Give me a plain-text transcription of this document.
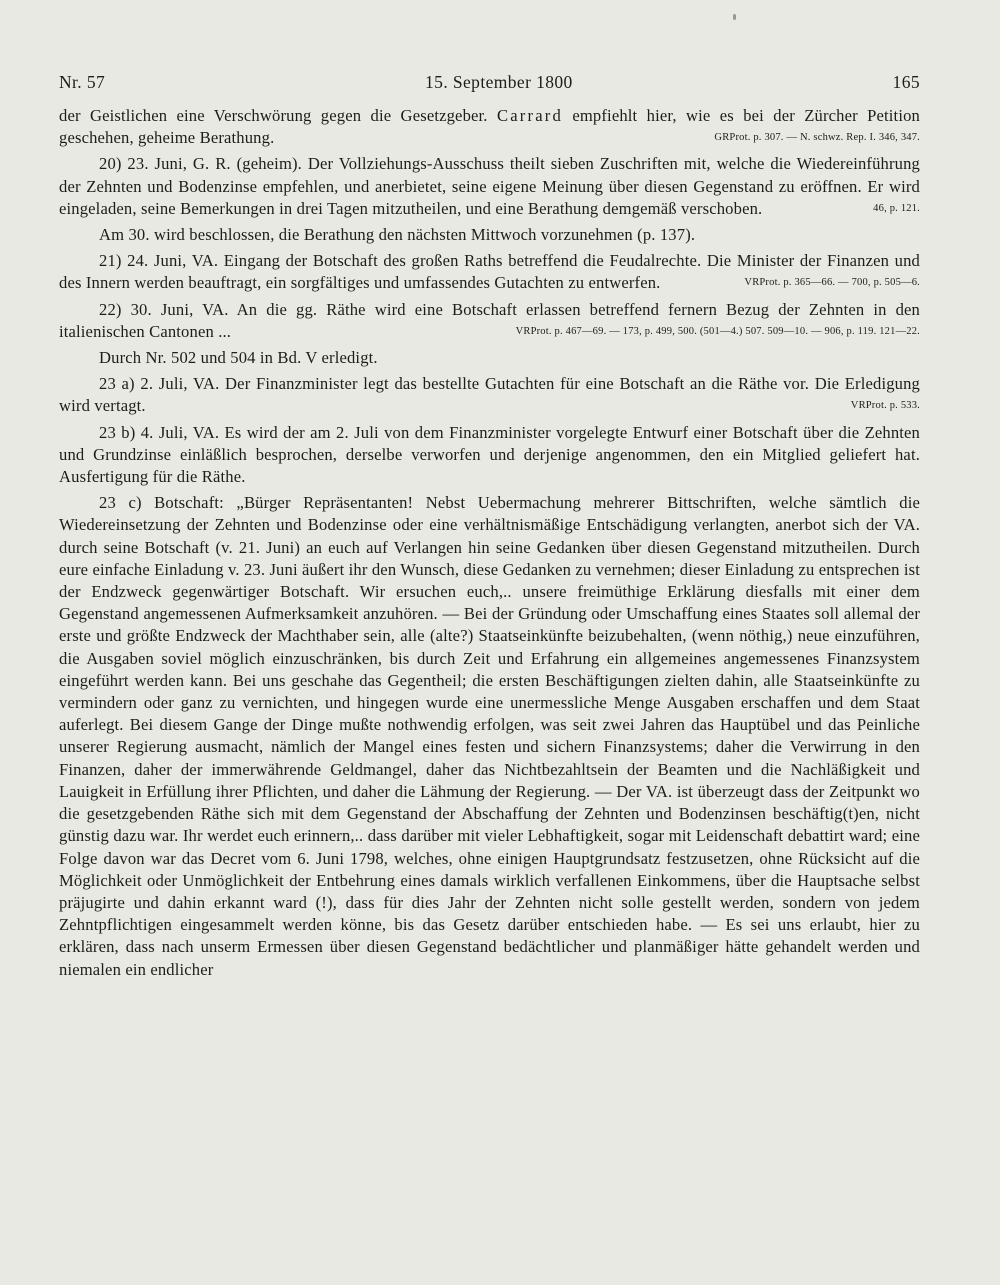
Nr. 57	15. September 1800	165

der Geistlichen eine Verschwörung gegen die Gesetzgeber. Carrard empfiehlt hier, wie es bei der Zürcher Petition geschehen, geheime Berathung.	GRProt. p. 307. — N. schwz. Rep. I. 346, 347.

20) 23. Juni, G. R. (geheim). Der Vollziehungs-Ausschuss theilt sieben Zuschriften mit, welche die Wiedereinführung der Zehnten und Bodenzinse empfehlen, und anerbietet, seine eigene Meinung über diesen Gegenstand zu eröffnen. Er wird eingeladen, seine Bemerkungen in drei Tagen mitzutheilen, und eine Berathung demgemäß verschoben.	46, p. 121.

Am 30. wird beschlossen, die Berathung den nächsten Mittwoch vorzunehmen (p. 137).

21) 24. Juni, VA. Eingang der Botschaft des großen Raths betreffend die Feudalrechte. Die Minister der Finanzen und des Innern werden beauftragt, ein sorgfältiges und umfassendes Gutachten zu entwerfen.	VRProt. p. 365—66. — 700, p. 505—6.

22) 30. Juni, VA. An die gg. Räthe wird eine Botschaft erlassen betreffend fernern Bezug der Zehnten in den italienischen Cantonen ...	VRProt. p. 467—69. — 173, p. 499, 500. (501—4.) 507. 509—10. — 906, p. 119. 121—22.

Durch Nr. 502 und 504 in Bd. V erledigt.

23 a) 2. Juli, VA. Der Finanzminister legt das bestellte Gutachten für eine Botschaft an die Räthe vor. Die Erledigung wird vertagt.	VRProt. p. 533.

23 b) 4. Juli, VA. Es wird der am 2. Juli von dem Finanzminister vorgelegte Entwurf einer Botschaft über die Zehnten und Grundzinse einläßlich besprochen, derselbe verworfen und derjenige angenommen, den ein Mitglied geliefert hat. Ausfertigung für die Räthe.

23 c) Botschaft: „Bürger Repräsentanten! Nebst Uebermachung mehrerer Bittschriften, welche sämtlich die Wiedereinsetzung der Zehnten und Bodenzinse oder eine verhältnismäßige Entschädigung verlangten, anerbot sich der VA. durch seine Botschaft (v. 21. Juni) an euch auf Verlangen hin seine Gedanken über diesen Gegenstand mitzutheilen. Durch eure einfache Einladung v. 23. Juni äußert ihr den Wunsch, diese Gedanken zu vernehmen; dieser Einladung zu entsprechen ist der Endzweck gegenwärtiger Botschaft. Wir ersuchen euch,.. unsere freimüthige Erklärung diesfalls mit einer dem Gegenstand angemessenen Aufmerksamkeit anzuhören. — Bei der Gründung oder Umschaffung eines Staates soll allemal der erste und größte Endzweck der Machthaber sein, alle (alte?) Staatseinkünfte beizubehalten, (wenn nöthig,) neue einzuführen, die Ausgaben soviel möglich einzuschränken, bis durch Zeit und Erfahrung ein allgemeines angemessenes Finanzsystem eingeführt werden kann. Bei uns geschahe das Gegentheil; die ersten Beschäftigungen zielten dahin, alle Staatseinkünfte zu vermindern oder ganz zu vernichten, und hingegen wurde eine unermessliche Menge Ausgaben erschaffen und dem Staat auferlegt. Bei diesem Gange der Dinge mußte nothwendig erfolgen, was seit zwei Jahren das Hauptübel und das Peinliche unserer Regierung ausmacht, nämlich der Mangel eines festen und sichern Finanzsystems; daher die Verwirrung in den Finanzen, daher der immerwährende Geldmangel, daher das Nichtbezahltsein der Beamten und die Nachläßigkeit und Lauigkeit in Erfüllung ihrer Pflichten, und daher die Lähmung der Regierung. — Der VA. ist überzeugt dass der Zeitpunkt wo die gesetzgebenden Räthe sich mit dem Gegenstand der Abschaffung der Zehnten und Bodenzinsen beschäftig(t)en, nicht günstig dazu war. Ihr werdet euch erinnern,.. dass darüber mit vieler Lebhaftigkeit, sogar mit Leidenschaft debattirt ward; eine Folge davon war das Decret vom 6. Juni 1798, welches, ohne einigen Hauptgrundsatz festzusetzen, ohne Rücksicht auf die Möglichkeit oder Unmöglichkeit der Entbehrung eines damals wirklich verfallenen Einkommens, über die Hauptsache selbst präjugirte und dahin erkannt ward (!), dass für dies Jahr der Zehnten nicht solle gestellt werden, sondern von jedem Zehntpflichtigen eingesammelt werden könne, bis das Gesetz darüber entschieden habe. — Es sei uns erlaubt, hier zu erklären, dass nach unserm Ermessen über diesen Gegenstand bedächtlicher und planmäßiger hätte gehandelt werden und niemalen ein endlicher
